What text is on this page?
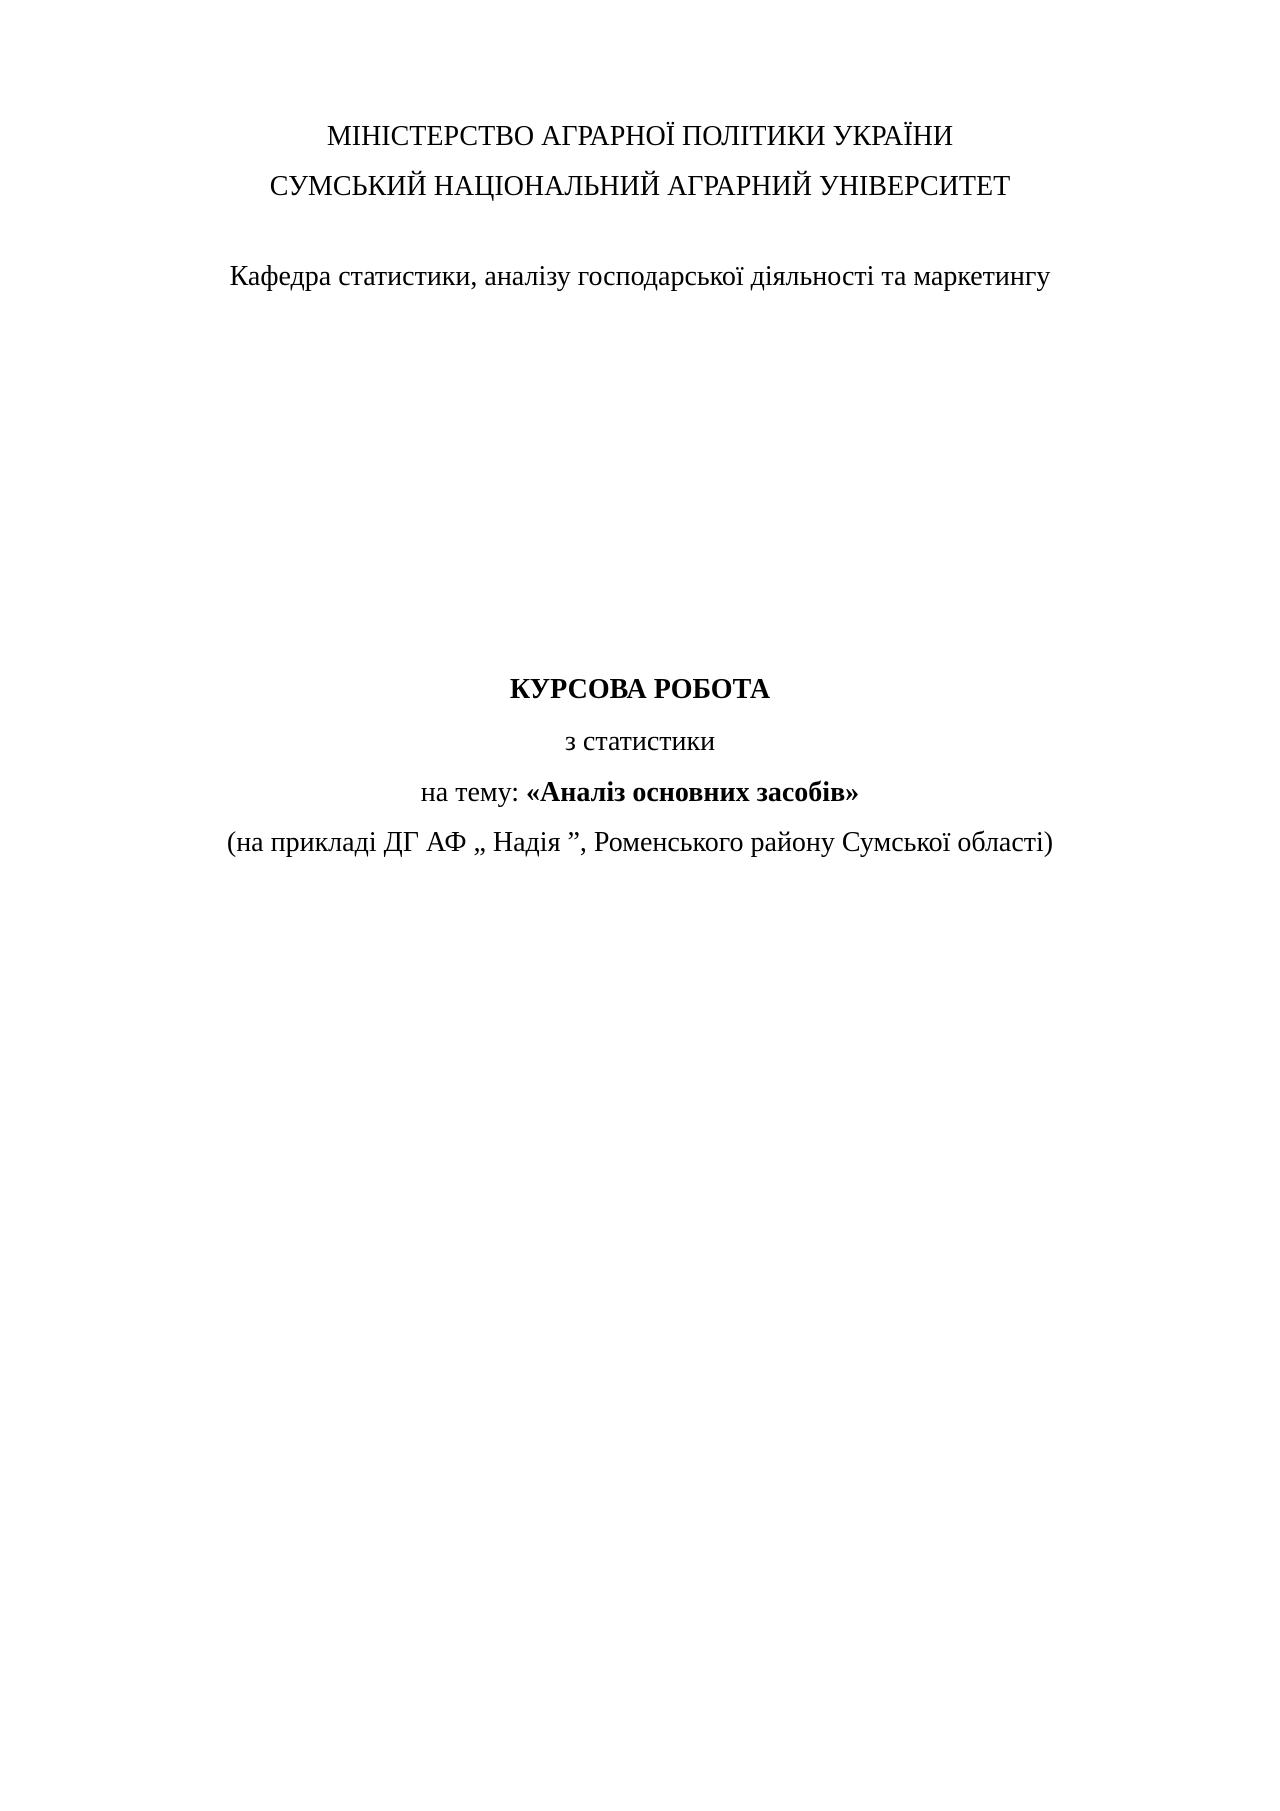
МІНІСТЕРСТВО АГРАРНОЇ ПОЛІТИКИ УКРАЇНИ
СУМСЬКИЙ НАЦІОНАЛЬНИЙ АГРАРНИЙ УНІВЕРСИТЕТ
Кафедра статистики, аналізу господарської діяльності та маркетингу
КУРСОВА РОБОТА
з статистики
на тему: «Аналіз основних засобів»
(на прикладі ДГ АФ „ Надія ”, Роменського району Сумської області)
